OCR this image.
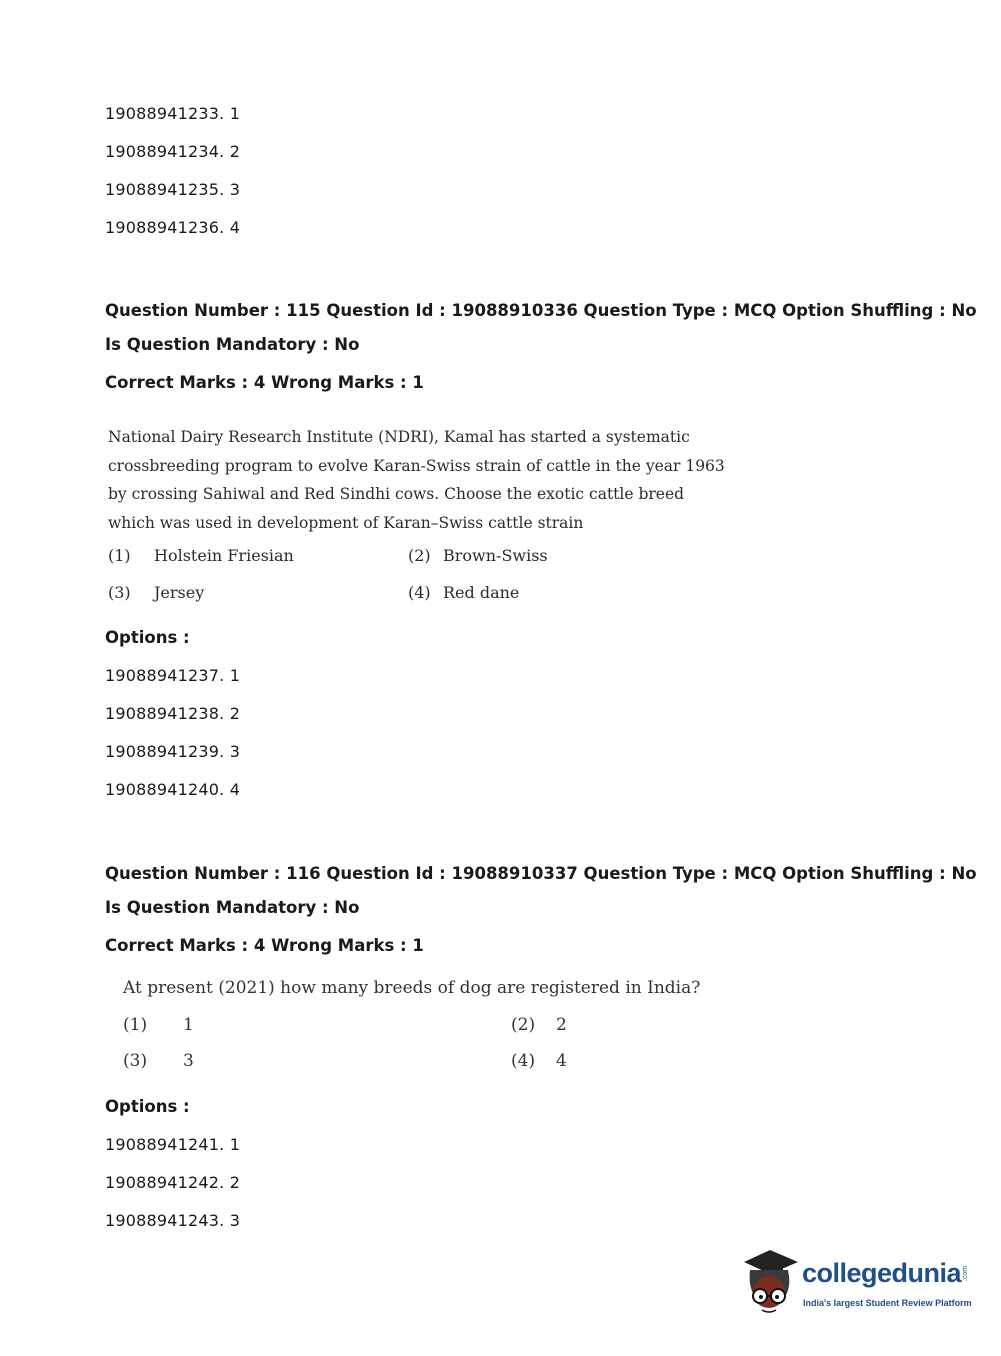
19088941233. 1
19088941234. 2
19088941235. 3
19088941236. 4
Question Number : 115 Question Id : 19088910336 Question Type : MCQ Option Shuffling : No
Is Question Mandatory : No
Correct Marks : 4 Wrong Marks : 1
National Dairy Research Institute (NDRI), Kamal has started a systematic crossbreeding program to evolve Karan-Swiss strain of cattle in the year 1963 by crossing Sahiwal and Red Sindhi cows. Choose the exotic cattle breed which was used in development of Karan–Swiss cattle strain
(1) Holstein Friesian	(2) Brown-Swiss
(3) Jersey	(4) Red dane
Options :
19088941237. 1
19088941238. 2
19088941239. 3
19088941240. 4
Question Number : 116 Question Id : 19088910337 Question Type : MCQ Option Shuffling : No
Is Question Mandatory : No
Correct Marks : 4 Wrong Marks : 1
At present (2021) how many breeds of dog are registered in India?
(1) 1	(2) 2
(3) 3	(4) 4
Options :
19088941241. 1
19088941242. 2
19088941243. 3
collegedunia .com
India's largest Student Review Platform
